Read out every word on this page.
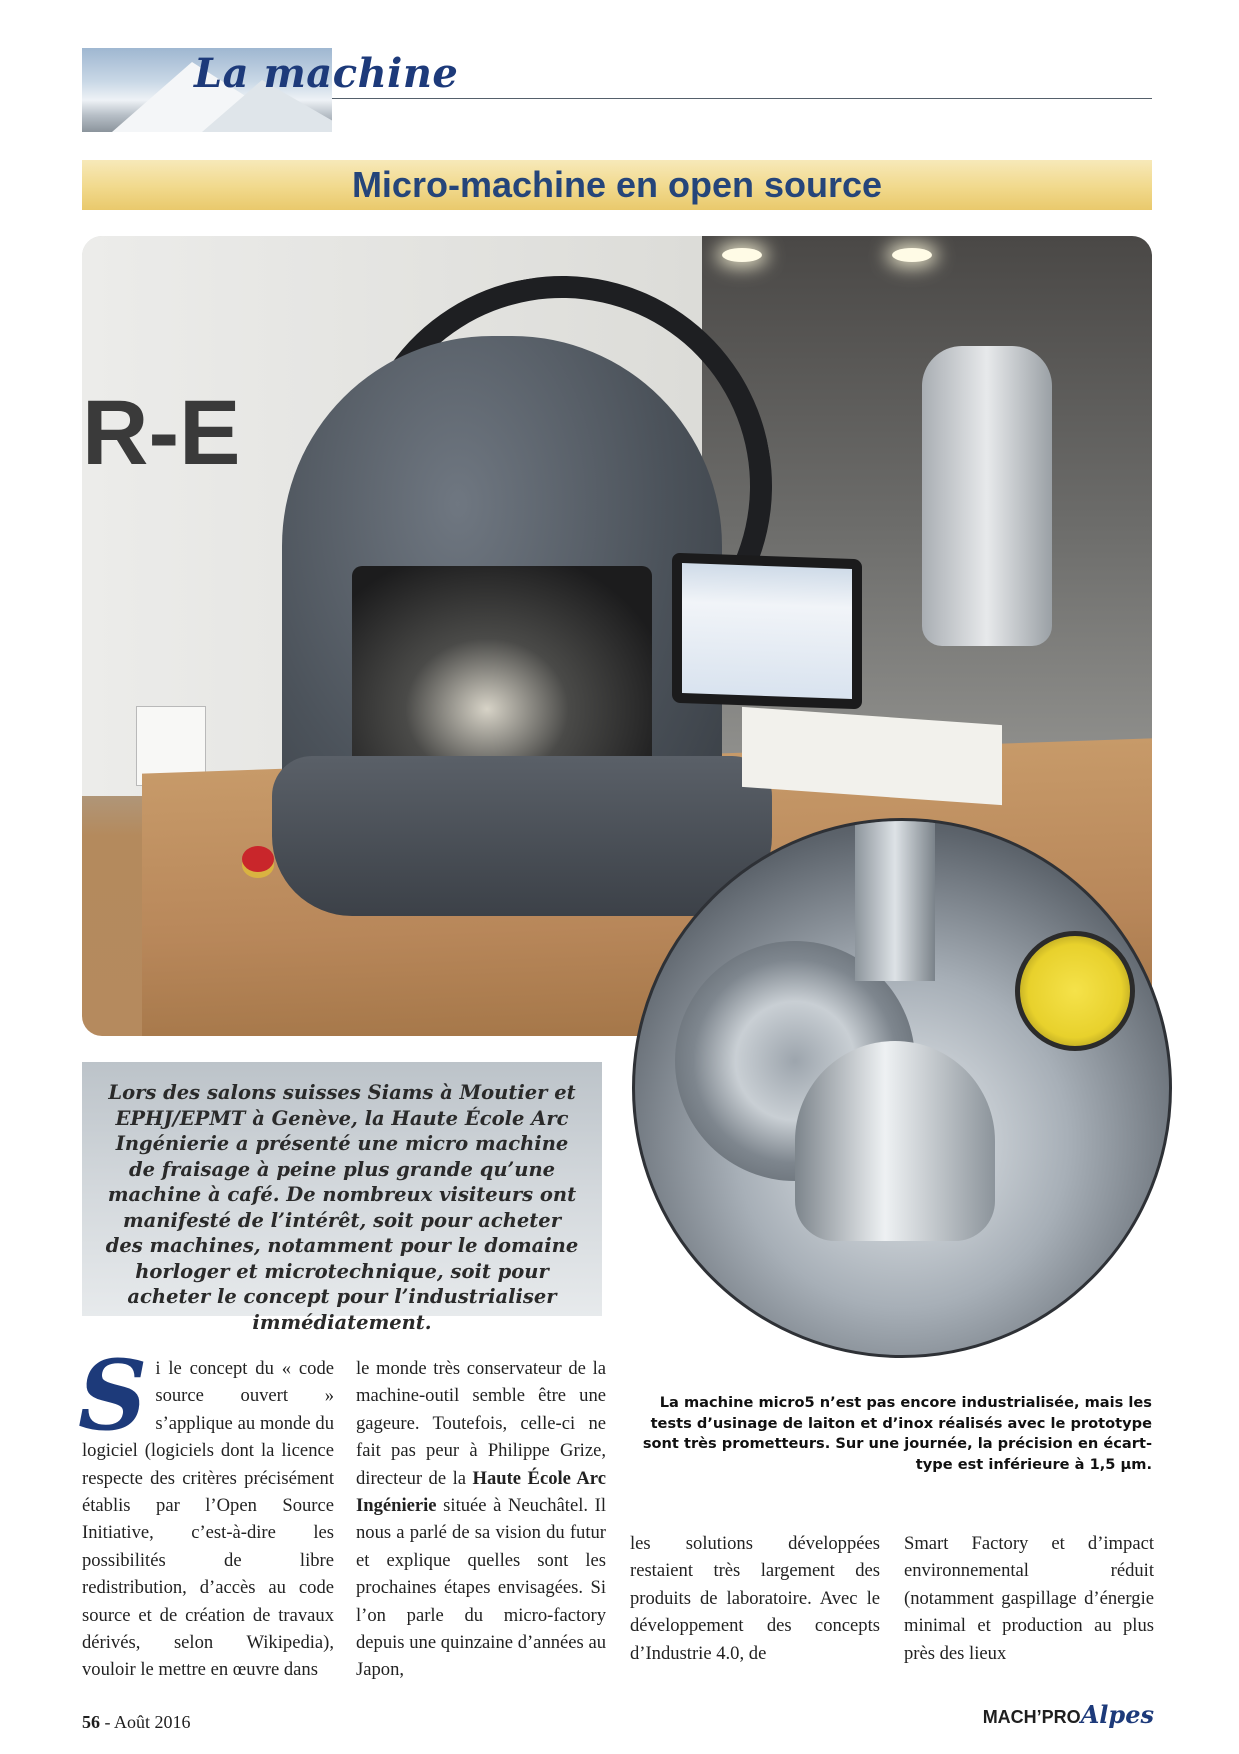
La machine
Micro-machine en open source
R-E

Lors des salons suisses Siams à Moutier et EPHJ/EPMT à Genève, la Haute École Arc Ingénierie a présenté une micro machine de fraisage à peine plus grande qu’une machine à café. De nombreux visiteurs ont manifesté de l’intérêt, soit pour acheter des machines, notamment pour le domaine horloger et microtechnique, soit pour acheter le concept pour l’industrialiser immédiatement.

La machine micro5 n’est pas encore industrialisée, mais les tests d’usinage de laiton et d’inox réalisés avec le prototype sont très prometteurs. Sur une journée, la précision en écart-type est inférieure à 1,5 µm.

Si le concept du « code source ouvert » s’applique au monde du logiciel (logiciels dont la licence respecte des critères précisément établis par l’Open Source Initiative, c’est-à-dire les possibilités de libre redistribution, d’accès au code source et de création de travaux dérivés, selon Wikipedia), vouloir le mettre en œuvre dans

le monde très conservateur de la machine-outil semble être une gageure. Toutefois, celle-ci ne fait pas peur à Philippe Grize, directeur de la Haute École Arc Ingénierie située à Neuchâtel. Il nous a parlé de sa vision du futur et explique quelles sont les prochaines étapes envisagées. Si l’on parle du micro-factory depuis une quinzaine d’années au Japon,

les solutions développées restaient très largement des produits de laboratoire. Avec le développement des concepts d’Industrie 4.0, de

Smart Factory et d’impact environnemental réduit (notamment gaspillage d’énergie minimal et production au plus près des lieux

56 - Août 2016	MACH’PROAlpes
